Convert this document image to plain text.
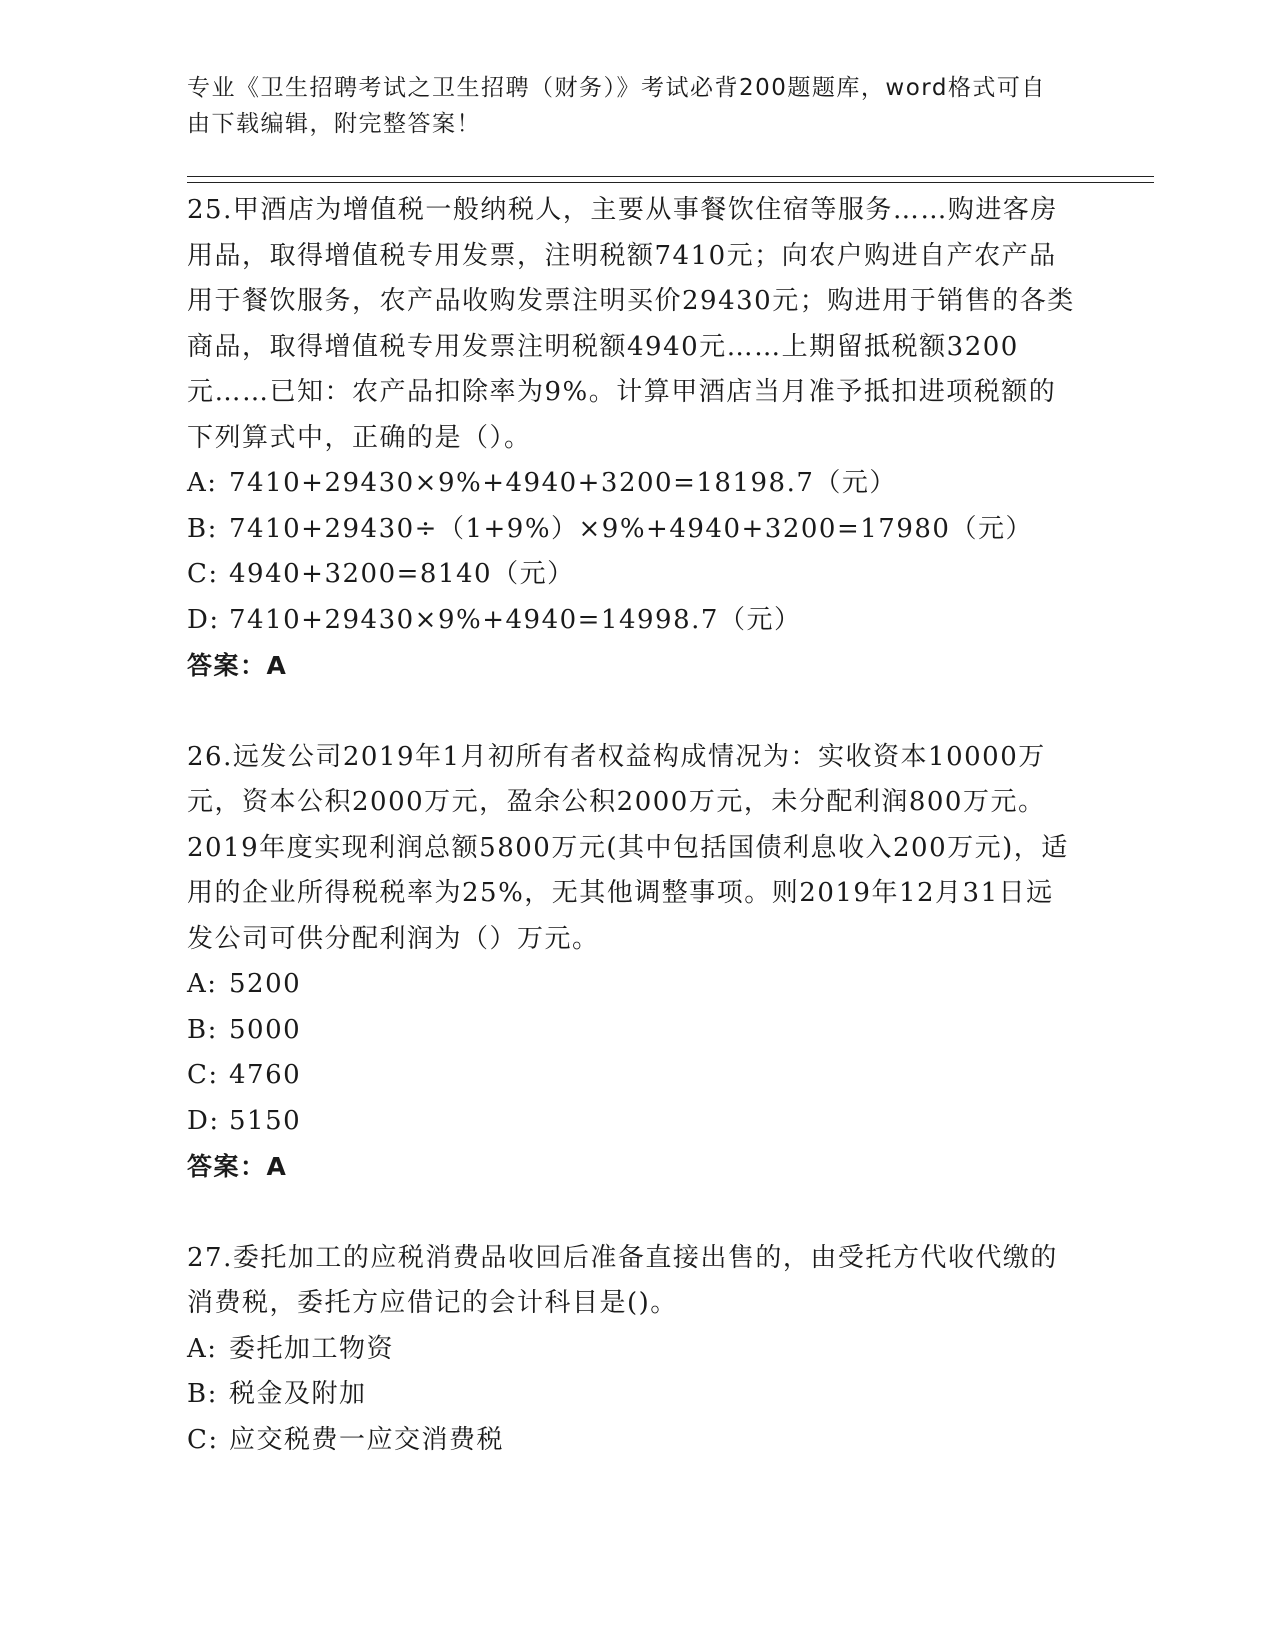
专业《卫生招聘考试之卫生招聘（财务）》考试必背200题题库，word格式可自由下载编辑，附完整答案！

25.甲酒店为增值税一般纳税人，主要从事餐饮住宿等服务……购进客房用品，取得增值税专用发票，注明税额7410元；向农户购进自产农产品用于餐饮服务，农产品收购发票注明买价29430元；购进用于销售的各类商品，取得增值税专用发票注明税额4940元……上期留抵税额3200元……已知：农产品扣除率为9%。计算甲酒店当月准予抵扣进项税额的下列算式中，正确的是（）。

A: 7410+29430×9%+4940+3200=18198.7（元）

B: 7410+29430÷（1+9%）×9%+4940+3200=17980（元）

C: 4940+3200=8140（元）

D: 7410+29430×9%+4940=14998.7（元）

答案：A

26.远发公司2019年1月初所有者权益构成情况为：实收资本10000万元，资本公积2000万元，盈余公积2000万元，未分配利润800万元。2019年度实现利润总额5800万元(其中包括国债利息收入200万元)，适用的企业所得税税率为25%，无其他调整事项。则2019年12月31日远发公司可供分配利润为（）万元。

A: 5200

B: 5000

C: 4760

D: 5150

答案：A

27.委托加工的应税消费品收回后准备直接出售的，由受托方代收代缴的消费税，委托方应借记的会计科目是()。

A: 委托加工物资

B: 税金及附加

C: 应交税费一应交消费税
